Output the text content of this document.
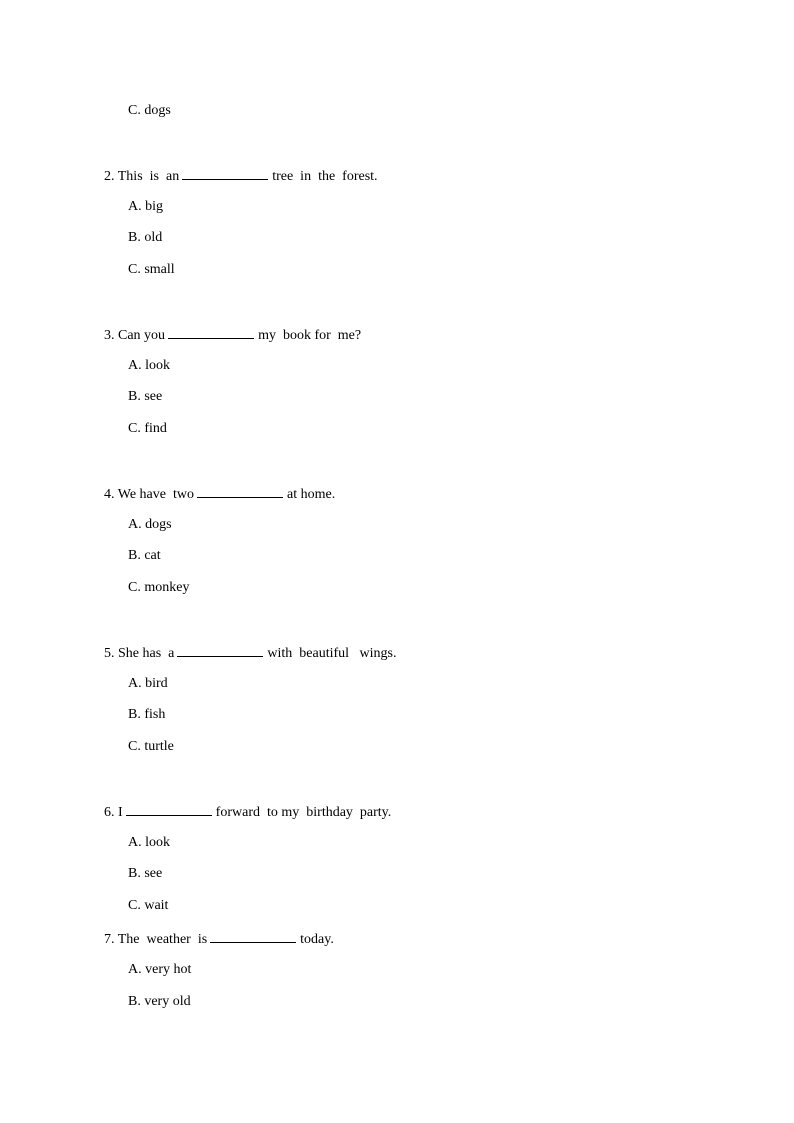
C. dogs
2. This  is  an	tree  in  the  forest.
A. big
B. old
C. small
3. Can you	my  book for  me?
A. look
B. see
C. find
4. We have  two	at home.
A. dogs
B. cat
C. monkey
5. She has  a	with  beautiful   wings.
A. bird
B. fish
C. turtle
6. I	forward  to my  birthday  party.
A. look
B. see
C. wait
7. The  weather  is	today.
A. very hot
B. very old
